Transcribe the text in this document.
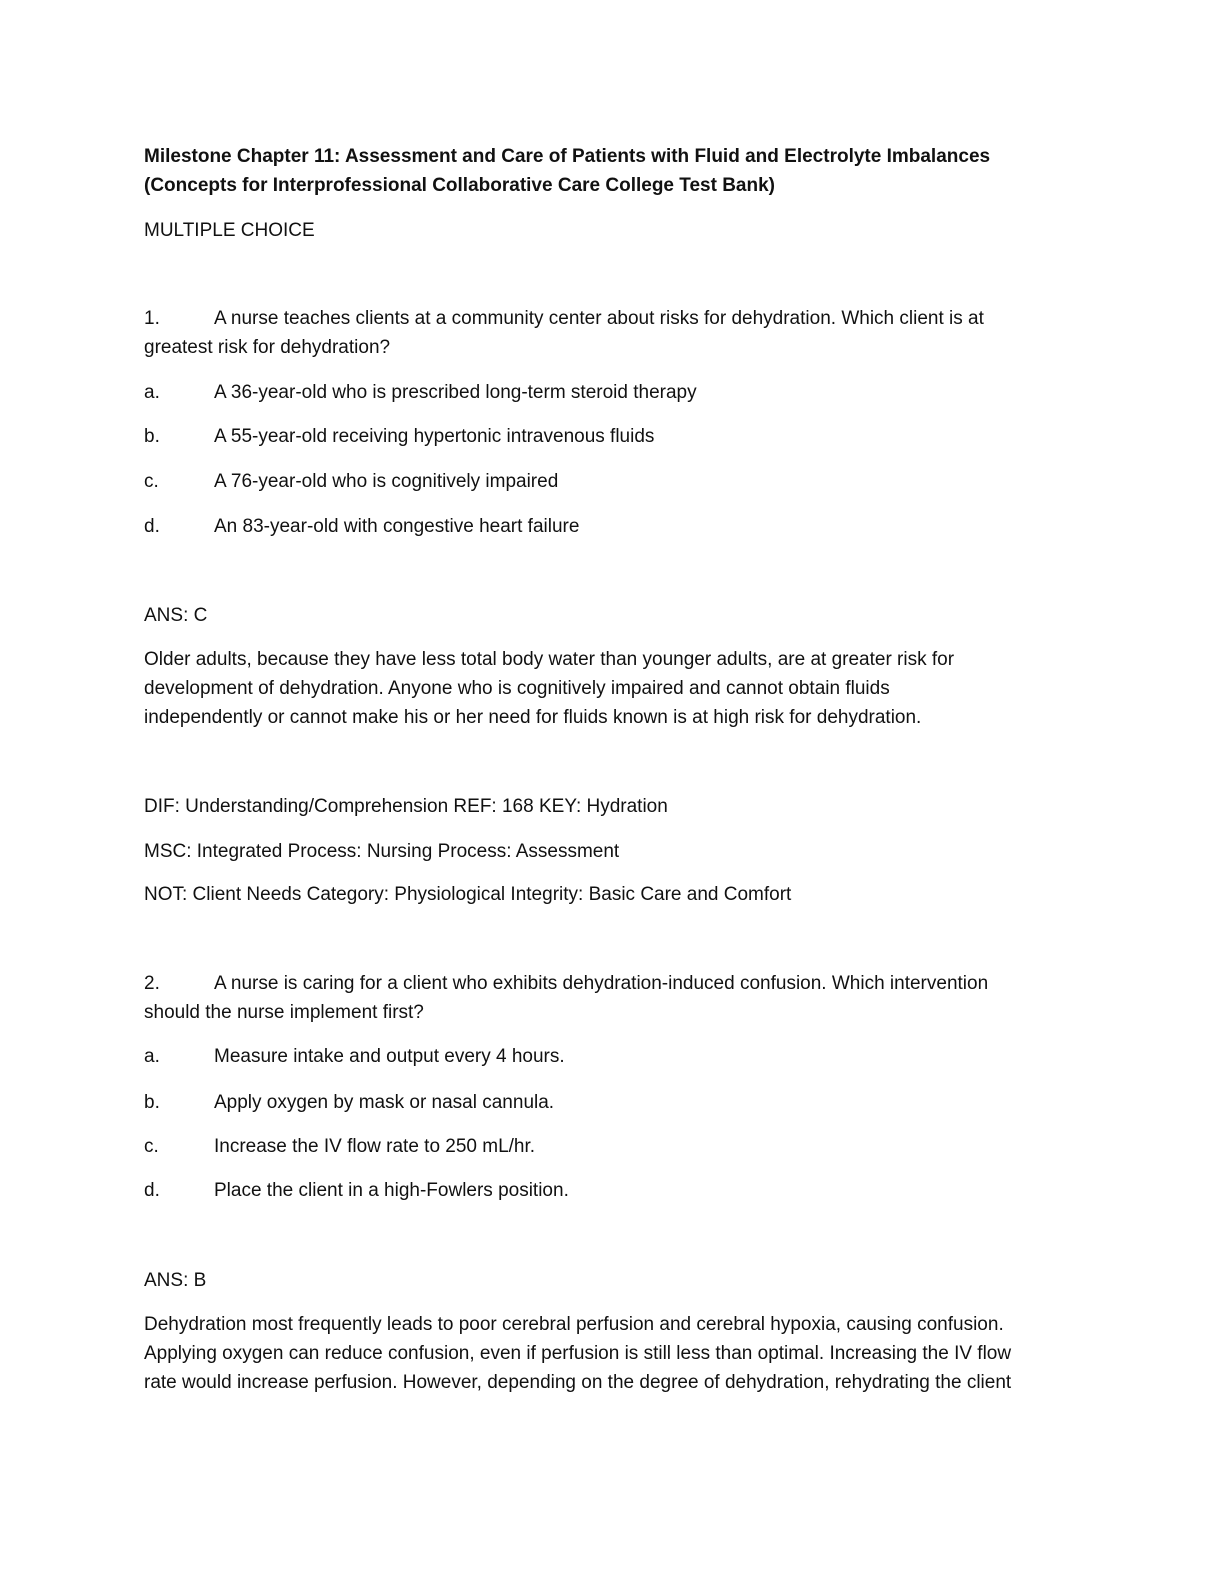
Milestone Chapter 11: Assessment and Care of Patients with Fluid and Electrolyte Imbalances

(Concepts for Interprofessional Collaborative Care College Test Bank)

MULTIPLE CHOICE

1.	A nurse teaches clients at a community center about risks for dehydration. Which client is at

greatest risk for dehydration?

a.	A 36-year-old who is prescribed long-term steroid therapy

b.	A 55-year-old receiving hypertonic intravenous fluids

c.	A 76-year-old who is cognitively impaired

d.	An 83-year-old with congestive heart failure

ANS: C

Older adults, because they have less total body water than younger adults, are at greater risk for

development of dehydration. Anyone who is cognitively impaired and cannot obtain fluids

independently or cannot make his or her need for fluids known is at high risk for dehydration.

DIF: Understanding/Comprehension REF: 168 KEY: Hydration

MSC: Integrated Process: Nursing Process: Assessment

NOT: Client Needs Category: Physiological Integrity: Basic Care and Comfort

2.	A nurse is caring for a client who exhibits dehydration-induced confusion. Which intervention

should the nurse implement first?

a.	Measure intake and output every 4 hours.

b.	Apply oxygen by mask or nasal cannula.

c.	Increase the IV flow rate to 250 mL/hr.

d.	Place the client in a high-Fowlers position.

ANS: B

Dehydration most frequently leads to poor cerebral perfusion and cerebral hypoxia, causing confusion.

Applying oxygen can reduce confusion, even if perfusion is still less than optimal. Increasing the IV flow

rate would increase perfusion. However, depending on the degree of dehydration, rehydrating the client
